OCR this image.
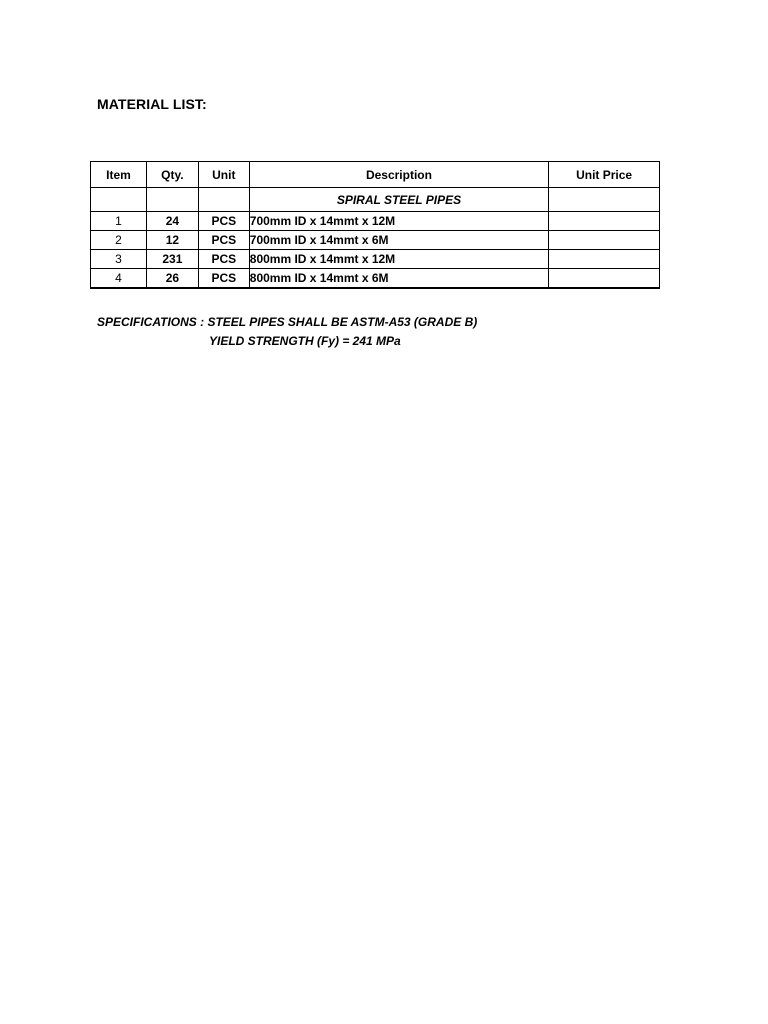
MATERIAL LIST:
Item	Qty.	Unit	Description	Unit Price
			SPIRAL STEEL PIPES	
1	24	PCS	700mm ID x 14mmt x 12M	
2	12	PCS	700mm ID x 14mmt x 6M	
3	231	PCS	800mm ID x 14mmt x 12M	
4	26	PCS	800mm ID x 14mmt x 6M	
SPECIFICATIONS : STEEL PIPES SHALL BE ASTM-A53 (GRADE B)
YIELD STRENGTH (Fy) = 241 MPa
